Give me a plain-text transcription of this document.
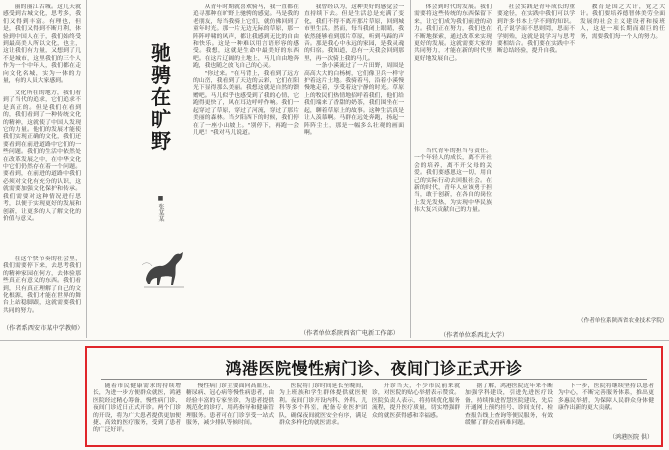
丽的丽江古城。这几天就感受到古城文化，思考多，我们又得到丰富。有理也，但是，我们又得到不断月利，体验到中国人在于，我们始终受到最高美人所以文化，也主，这让我们有力量，又想到了几不是城市，这里我们的三个人作为一个中年人，我们都在走向文化名城，实为一体的力量，有的人员大家感到。

文化所在的地方，我们看到了当代的追求，它们追求不是真正的。但是我们在看到的，我们看到了一种传统文化的精神，这就使了中国人发现它的力量。他们的发展才能使我们实现正确的文化，我们还要看到在前进道路中它们的一些问题。我们的生活中依然处在改革发展之中，在中华文化中它们仍然存在着一个问题。要看到，在前进的道路中我们必须对文化有充分的认识，这就需要加强文化保护和传承。我们需要对这种情况进行思考，以便于实现更好的发展和创新，让更多的人了解文化的价值与意义。

在这个快节奏的社会里，我们需要停下来，去思考我们的精神家园在何方，去体验那些真正有意义的东西。我们看到，只有真正理解了自己的文化根源，我们才能在世界的舞台上站稳脚跟，这就需要我们共同的努力。

（作者系西安市某中学教师）
驰
骋
在
旷
野
■ 张某某

从青年时期就喜欢骑马，我一直都在追寻那种在旷野上驰骋的感觉。马是我的老朋友，每当我骑上它们，就仿佛回到了童年时光。那一片无边无际的草原，那一阵阵呼啸的风声，都让我感到无比的自由和快乐。这是一种难以用言语形容的感受。我想，这就是生命中最美好的东西吧。在这片辽阔的土地上，马儿自由地奔跑，我也随之放飞自己的心灵。

"你过来。"在马背上，我看到了远方的山峦，我看到了天边的云彩，它们在阳光下显得那么美丽。我想这就是自然的馈赠吧。马儿似乎也感受到了我的心情，它跑得更快了，风在耳边呼呼作响。我们一起穿过了草原，穿过了河流，穿过了那片美丽的森林。当夕阳西下的时候，我们停在了一座小山坡上。"别停下，再跑一会儿吧！"我对马儿说道。

我曾经以为，这种美好的感觉会一直持续下去。但是生活总是充满了变化，我们不得不离开那片草原，回到城市里生活。然而，每当我闭上眼睛，我依然能够看到那片草原，听到马蹄的声音。那是我心中永远的家园，是我灵魂的归宿。我知道，总有一天我会回到那里，再一次骑上我的马儿。

一条小溪流过了一片田野，周围是高高大大的白杨树，它们像卫兵一样守护着这片土地。我骑着马，沿着小溪慢慢地走着，享受着这宁静的时光。草原上的牧民们热情地招呼着我们，他们给我们端来了香甜的奶茶，我们围坐在一起，聊着草原上的故事。这种生活真是让人羡慕啊。马群在远处奔跑，扬起一阵阵尘土，那是一幅多么壮观的画面啊。

（作者单位系陕西省广电新工作部）

体会到时代的发展。我们需要将这些传统的东西保留下来，让它们成为我们前进的动力。我们正在努力，我们也在不断地探索，通过改革来实现更好的发展。这就需要大家的共同努力，才能在新的时代里更好地发展自己。

当代青年的担当与责任。一个年轻人的成长，离不开社会的培养，离不开父母的关爱。我们要感恩这一切，用自己的实际行动去回报社会。在新的时代，青年人应该勇于担当，敢于创新，在各自的岗位上发光发热，为实现中华民族伟大复兴贡献自己的力量。

（作者单位系西北大学）

社会实践是青年成长的重要途径，在实践中我们可以学到许多书本上学不到的知识。孔子说学而不思则罔，思而不学则殆，这就是说学习与思考要相结合。我们要在实践中不断总结经验，提升自我。

教育是国之大计，党之大计。我们要培养德智体美劳全面发展的社会主义建设者和接班人，这是一项长期而艰巨的任务，需要我们每一个人的努力。

（作者单位系陕西省农业技术学院）
鸿港医院慢性病门诊、夜间门诊正式开诊

随着市民健康需求的持续增长，为进一步方便群众就医，鸿港医院经过精心筹备，慢性病门诊、夜间门诊近日正式开诊。两个门诊的开设，将为广大患者提供更加便捷、高效的医疗服务，受到了患者的广泛好评。

慢性病门诊主要面向高血压、糖尿病、冠心病等慢性病患者，由经验丰富的专家坐诊，为患者提供规范化的诊疗、用药指导和健康管理服务。患者可在门诊享受一站式服务，减少排队等候时间。

医院将门诊时间延长至晚间，为上班族和学生群体提供就医便利。夜间门诊开设内科、外科、儿科等多个科室，配备专业医护团队，确保夜间就医安全有序，满足群众多样化的就医需求。

开诊当天，不少市民前来就诊，对医院的贴心举措表示赞赏。医院负责人表示，将持续优化服务流程，提升医疗质量，切实增强群众的就医获得感和幸福感。

据了解，鸿港医院近年来不断加强学科建设，引进先进医疗设备，持续推进智慧医院建设，先后开通网上预约挂号、诊间支付、检查报告线上查询等便民服务，有效缓解了群众看病难问题。

下一步，医院将继续坚持以患者为中心，不断完善服务体系，推出更多惠民举措，为保障人民群众身体健康作出新的更大贡献。

（鸿港医院 供）
